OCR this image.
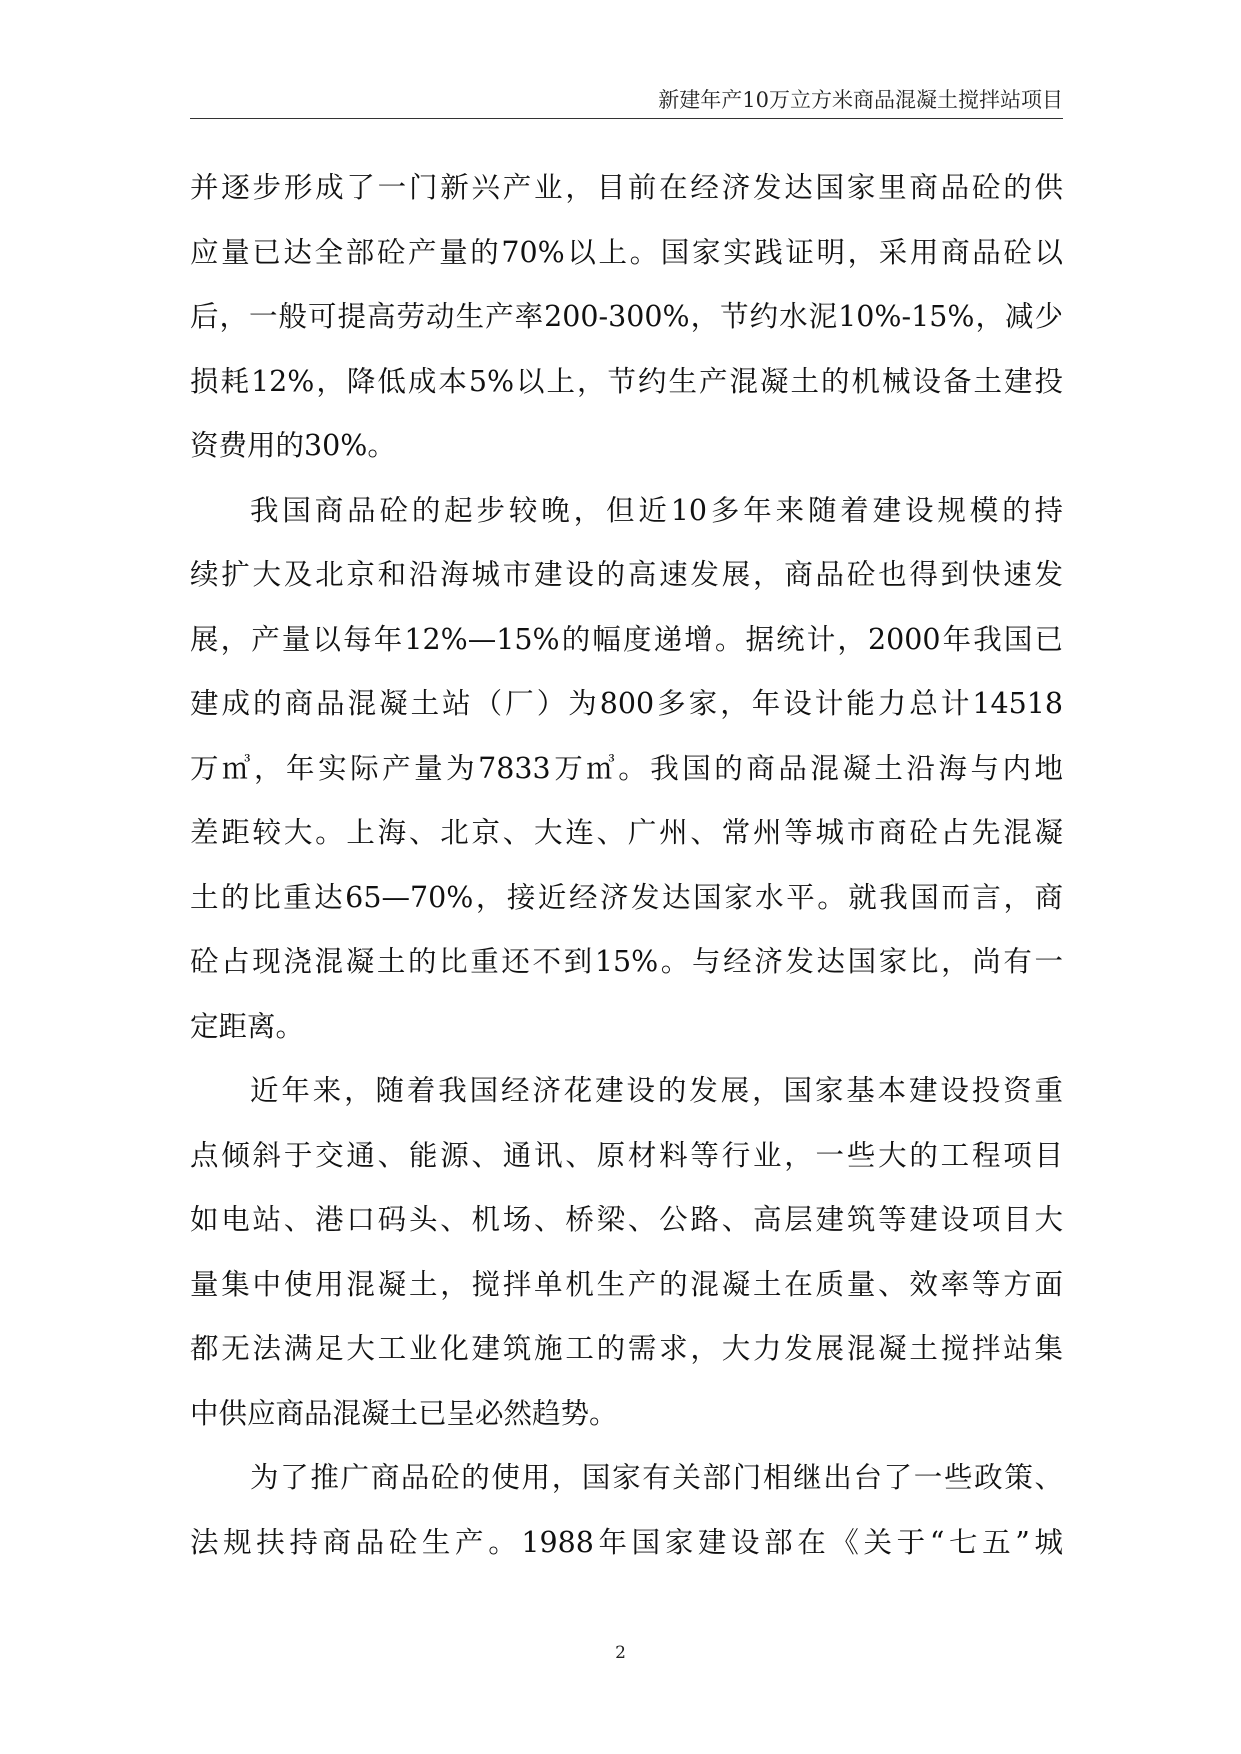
新建年产10万立方米商品混凝土搅拌站项目
并逐步形成了一门新兴产业，目前在经济发达国家里商品砼的供
应量已达全部砼产量的70%以上。国家实践证明，采用商品砼以
后，一般可提高劳动生产率200-300%，节约水泥10%-15%，减少
损耗12%，降低成本5%以上，节约生产混凝土的机械设备土建投
资费用的30%。
我国商品砼的起步较晚，但近10多年来随着建设规模的持
续扩大及北京和沿海城市建设的高速发展，商品砼也得到快速发
展，产量以每年12%—15%的幅度递增。据统计，2000年我国已
建成的商品混凝土站（厂）为800多家，年设计能力总计14518
万㎥，年实际产量为7833万㎥。我国的商品混凝土沿海与内地
差距较大。上海、北京、大连、广州、常州等城市商砼占先混凝
土的比重达65—70%，接近经济发达国家水平。就我国而言，商
砼占现浇混凝土的比重还不到15%。与经济发达国家比，尚有一
定距离。
近年来，随着我国经济花建设的发展，国家基本建设投资重
点倾斜于交通、能源、通讯、原材料等行业，一些大的工程项目
如电站、港口码头、机场、桥梁、公路、高层建筑等建设项目大
量集中使用混凝土，搅拌单机生产的混凝土在质量、效率等方面
都无法满足大工业化建筑施工的需求，大力发展混凝土搅拌站集
中供应商品混凝土已呈必然趋势。
为了推广商品砼的使用，国家有关部门相继出台了一些政策、
法规扶持商品砼生产。1988年国家建设部在《关于“七五”城
2
